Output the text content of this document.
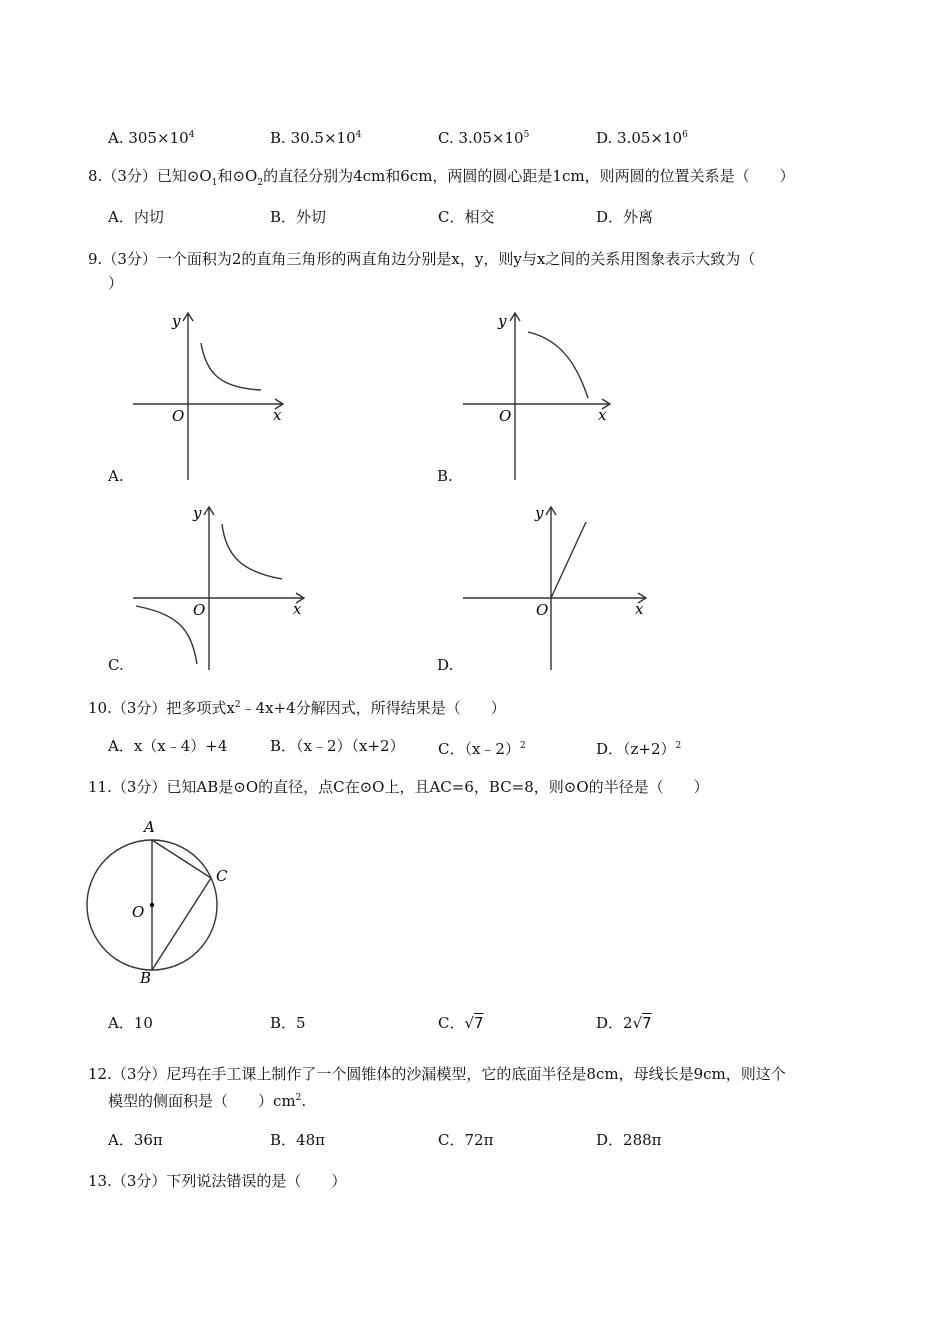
A. $305\times 10^4$	B. $30.5\times 10^4$	C. $3.05\times 10^5$	D. $3.05\times 10^6$
8.（3分）已知$⊙O_1$和$⊙O_2$的直径分别为4cm和6cm，两圆的圆心距是1cm，则两圆的位置关系是（　　）
A．内切	B．外切	C．相交	D．外离
9.（3分）一个面积为2的直角三角形的两直角边分别是x，y，则y与x之间的关系用图象表示大致为（
）
y
x
O
A.
y
x
O
B.
y
x
O
C.
y
x
O
D.
10.（3分）把多项式$x^2﹣4x+4$分解因式，所得结果是（　　）
A．x（x﹣4）+4	B．（x﹣2）（x+2） C．（x﹣2）$^2$	D．$(z+2)^2$
11.（3分）已知AB是⊙O的直径，点C在⊙O上，且AC=6，BC=8，则⊙O的半径是（　　）
A
C
O
B
A．10	B．5	C．√7	D．2√7
12.（3分）尼玛在手工课上制作了一个圆锥体的沙漏模型，它的底面半径是8cm，母线长是9cm，则这个
模型的侧面积是（　　）$cm^2$.
A．36π	B．48π	C．72π	D．288π
13.（3分）下列说法错误的是（　　）
